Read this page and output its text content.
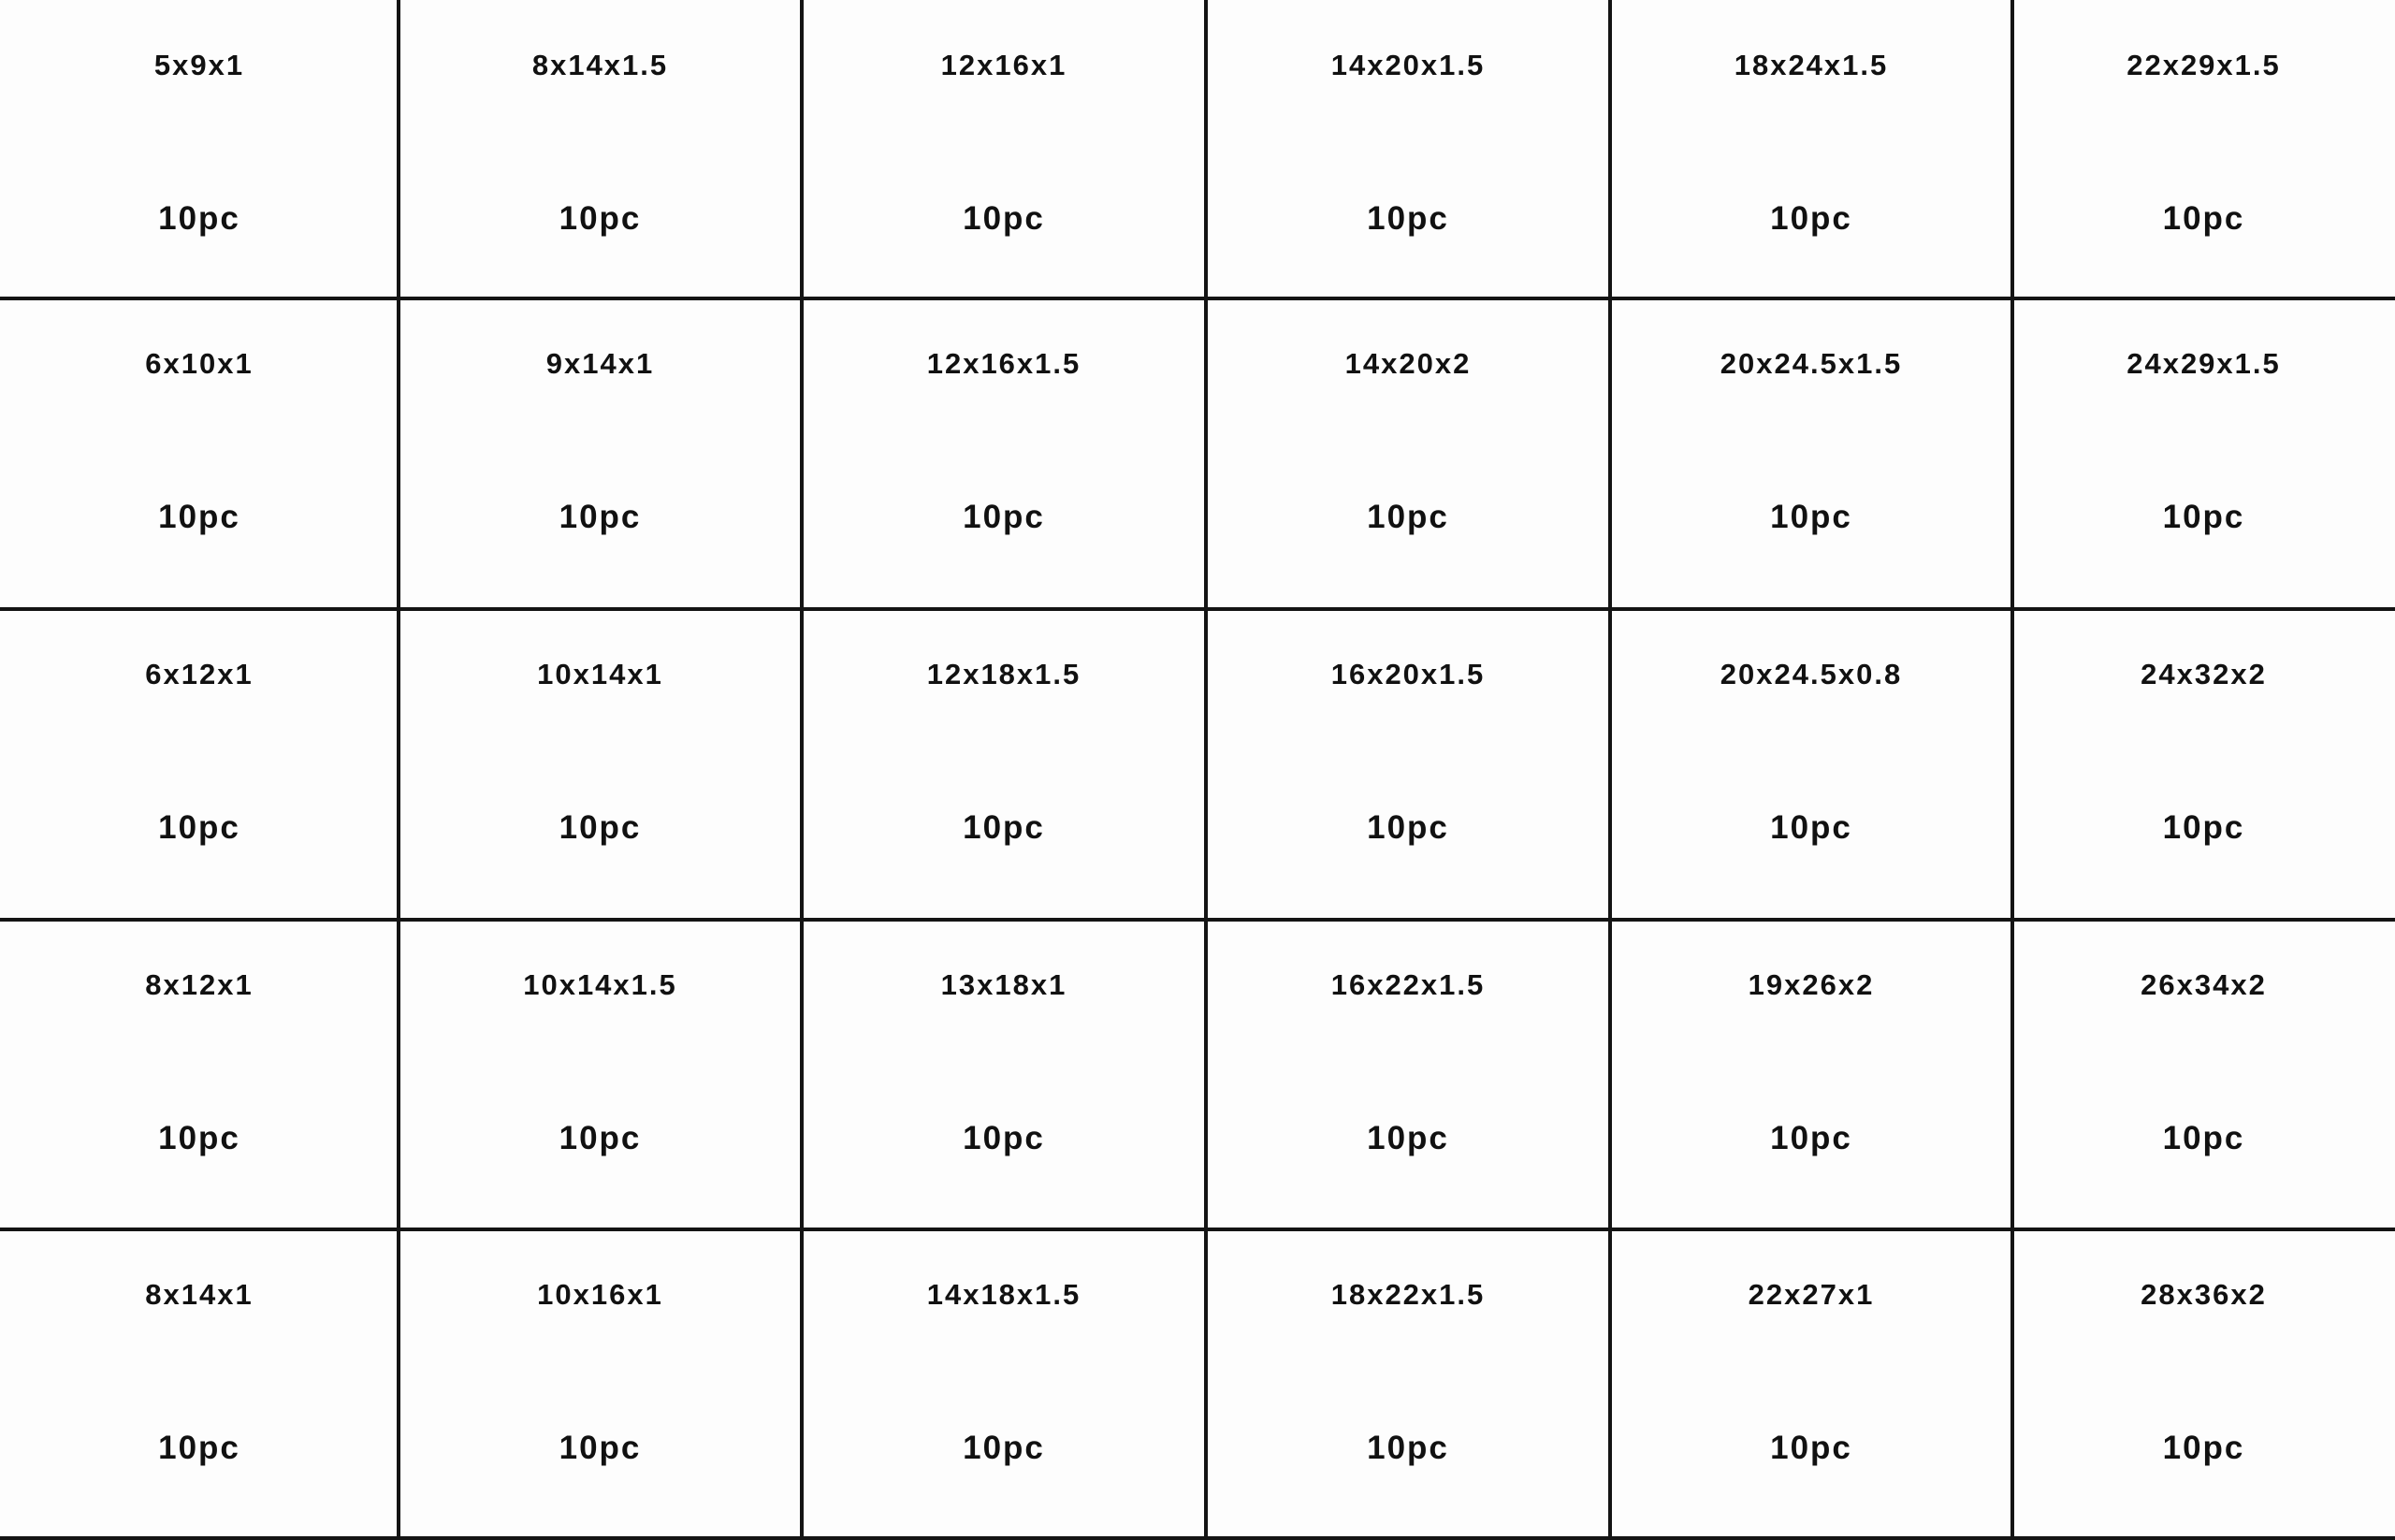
5x9x1
10pc
8x14x1.5
10pc
12x16x1
10pc
14x20x1.5
10pc
18x24x1.5
10pc
22x29x1.5
10pc
6x10x1
10pc
9x14x1
10pc
12x16x1.5
10pc
14x20x2
10pc
20x24.5x1.5
10pc
24x29x1.5
10pc
6x12x1
10pc
10x14x1
10pc
12x18x1.5
10pc
16x20x1.5
10pc
20x24.5x0.8
10pc
24x32x2
10pc
8x12x1
10pc
10x14x1.5
10pc
13x18x1
10pc
16x22x1.5
10pc
19x26x2
10pc
26x34x2
10pc
8x14x1
10pc
10x16x1
10pc
14x18x1.5
10pc
18x22x1.5
10pc
22x27x1
10pc
28x36x2
10pc
